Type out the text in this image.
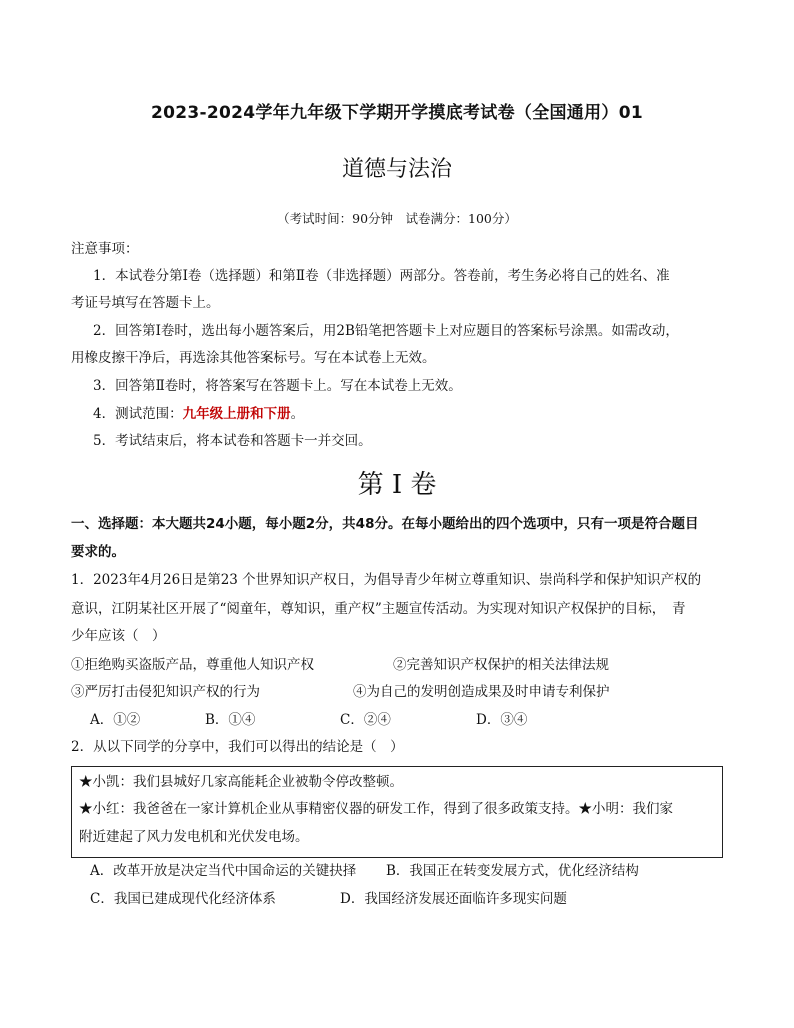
2023-2024学年九年级下学期开学摸底考试卷（全国通用）01
道德与法治
（考试时间：90分钟　试卷满分：100分）
注意事项：
1．本试卷分第Ⅰ卷（选择题）和第Ⅱ卷（非选择题）两部分。答卷前，考生务必将自己的姓名、准
考证号填写在答题卡上。
2．回答第Ⅰ卷时，选出每小题答案后，用2B铅笔把答题卡上对应题目的答案标号涂黑。如需改动，
用橡皮擦干净后，再选涂其他答案标号。写在本试卷上无效。
3．回答第Ⅱ卷时，将答案写在答题卡上。写在本试卷上无效。
4．测试范围：九年级上册和下册。
5．考试结束后，将本试卷和答题卡一并交回。
第 I 卷
一、选择题：本大题共24小题，每小题2分，共48分。在每小题给出的四个选项中，只有一项是符合题目
要求的。
1．2023年4月26日是第23 个世界知识产权日，为倡导青少年树立尊重知识、崇尚科学和保护知识产权的
意识，江阴某社区开展了“阅童年，尊知识，重产权”主题宣传活动。为实现对知识产权保护的目标，　青
少年应该（　）
①拒绝购买盗版产品，尊重他人知识产权	②完善知识产权保护的相关法律法规
③严厉打击侵犯知识产权的行为	④为自己的发明创造成果及时申请专利保护
A．①②	B．①④	C．②④	D．③④
2．从以下同学的分享中，我们可以得出的结论是（　）
★小凯：我们县城好几家高能耗企业被勒令停改整顿。
★小红：我爸爸在一家计算机企业从事精密仪器的研发工作，得到了很多政策支持。★小明：我们家
附近建起了风力发电机和光伏发电场。
A．改革开放是决定当代中国命运的关键抉择 B．我国正在转变发展方式，优化经济结构
C．我国已建成现代化经济体系	D．我国经济发展还面临许多现实问题
